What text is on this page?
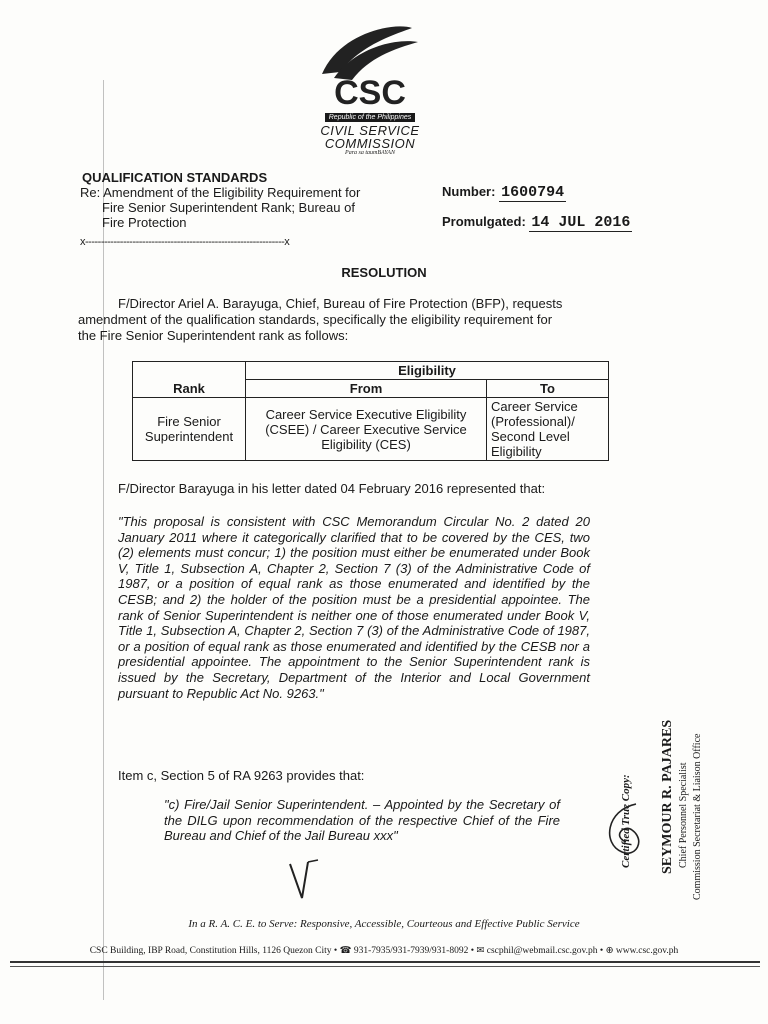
CSC
Republic of the Philippines
CIVIL SERVICE
COMMISSION
Para sa taumBAYAN
QUALIFICATION STANDARDS
Re: Amendment of the Eligibility Requirement for
Fire Senior Superintendent Rank; Bureau of
Fire Protection
x---------------------------------------------------------------x
Number: 1600794
Promulgated: 14 JUL 2016
RESOLUTION
F/Director Ariel A. Barayuga, Chief, Bureau of Fire Protection (BFP), requests
amendment of the qualification standards, specifically the eligibility requirement for
the Fire Senior Superintendent rank as follows:
Rank	Eligibility	
	From	To
Fire Senior Superintendent	Career Service Executive Eligibility (CSEE) / Career Executive Service Eligibility (CES)	Career Service (Professional)/ Second Level Eligibility
F/Director Barayuga in his letter dated 04 February 2016 represented that:
"This proposal is consistent with CSC Memorandum Circular No. 2 dated 20 January 2011 where it categorically clarified that to be covered by the CES, two (2) elements must concur; 1) the position must either be enumerated under Book V, Title 1, Subsection A, Chapter 2, Section 7 (3) of the Administrative Code of 1987, or a position of equal rank as those enumerated and identified by the CESB; and 2) the holder of the position must be a presidential appointee. The rank of Senior Superintendent is neither one of those enumerated under Book V, Title 1, Subsection A, Chapter 2, Section 7 (3) of the Administrative Code of 1987, or a position of equal rank as those enumerated and identified by the CESB nor a presidential appointee. The appointment to the Senior Superintendent rank is issued by the Secretary, Department of the Interior and Local Government pursuant to Republic Act No. 9263."
Item c, Section 5 of RA 9263 provides that:
"c) Fire/Jail Senior Superintendent. – Appointed by the Secretary of the DILG upon recommendation of the respective Chief of the Fire Bureau and Chief of the Jail Bureau xxx"	Certified True Copy: SEYMOUR R. PAJARES Chief Personnel Specialist Commission Secretariat & Liaison Office
In a R. A. C. E. to Serve: Responsive, Accessible, Courteous and Effective Public Service
CSC Building, IBP Road, Constitution Hills, 1126 Quezon City • ☎ 931-7935/931-7939/931-8092 • ✉ csc​phil@webmail.csc.gov.ph • ⊕ www.csc.gov.ph
